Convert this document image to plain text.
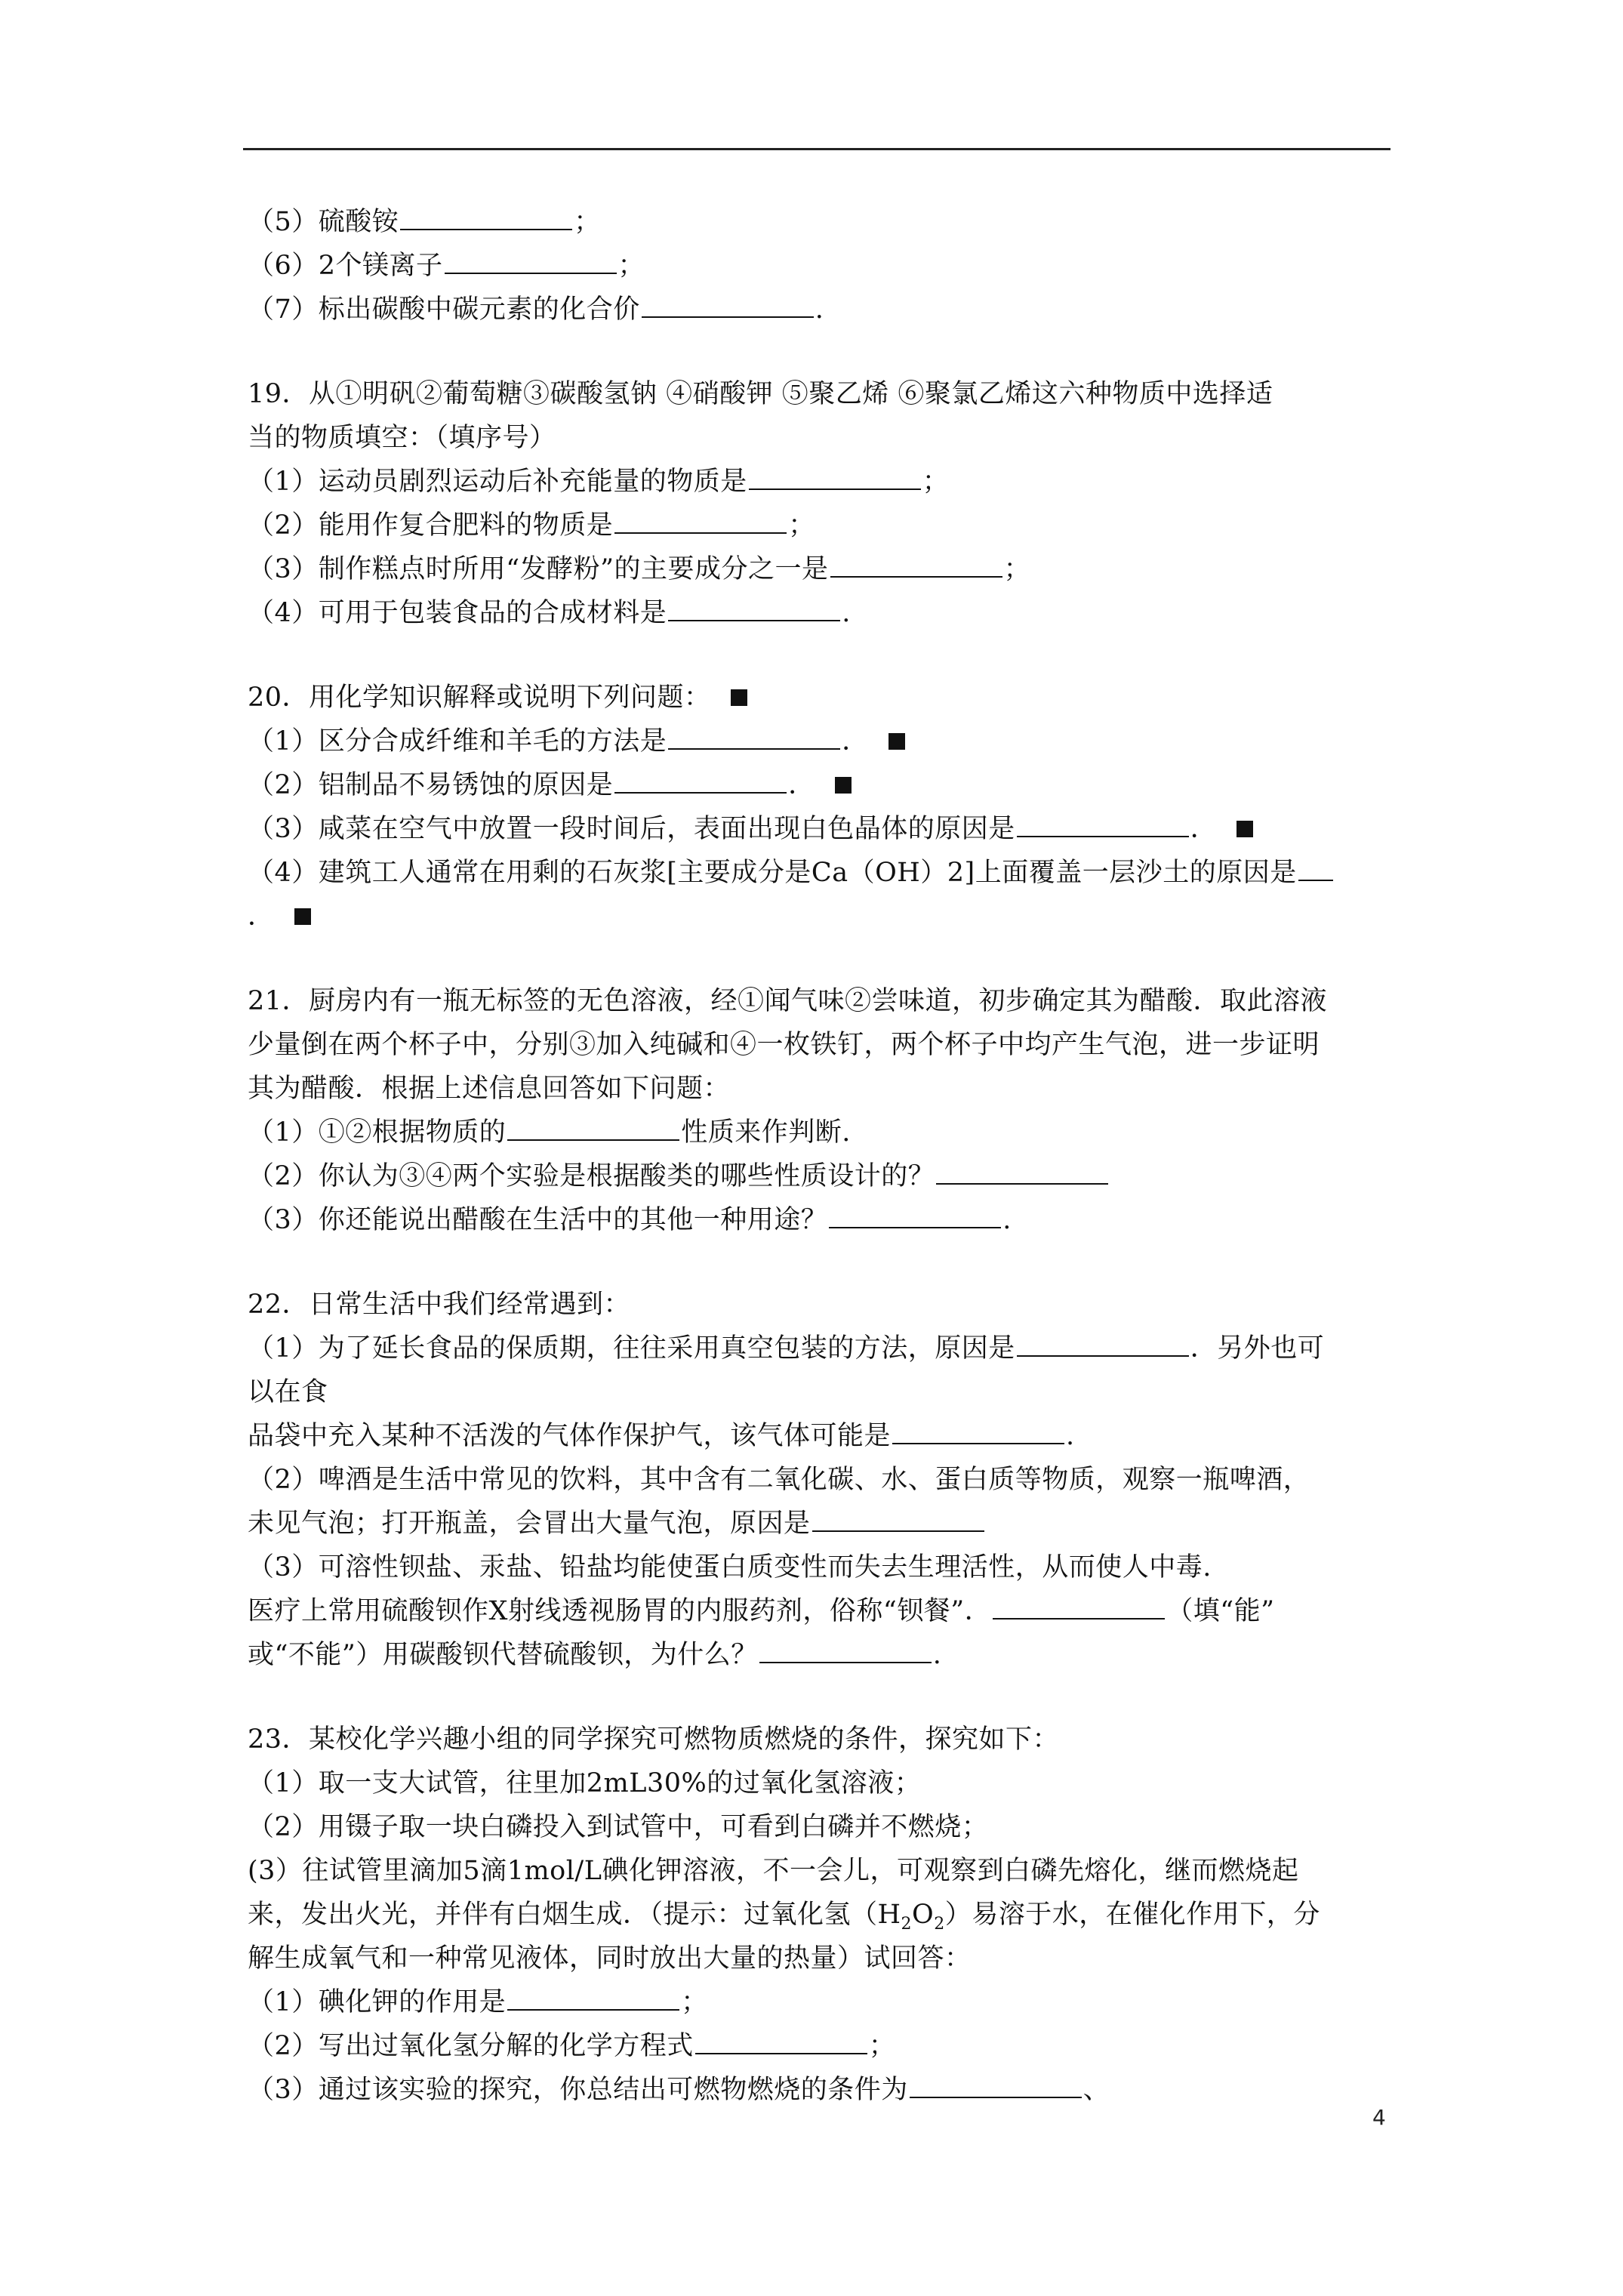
（5）硫酸铵	；
（6）2个镁离子	；
（7）标出碳酸中碳元素的化合价	.
19．从①明矾②葡萄糖③碳酸氢钠 ④硝酸钾 ⑤聚乙烯 ⑥聚氯乙烯这六种物质中选择适
当的物质填空：（填序号）
（1）运动员剧烈运动后补充能量的物质是	；
（2）能用作复合肥料的物质是	；
（3）制作糕点时所用“发酵粉”的主要成分之一是	；
（4）可用于包装食品的合成材料是	.
20．用化学知识解释或说明下列问题：
（1）区分合成纤维和羊毛的方法是	．
（2）铝制品不易锈蚀的原因是	．
（3）咸菜在空气中放置一段时间后，表面出现白色晶体的原因是	．
（4）建筑工人通常在用剩的石灰浆[主要成分是Ca（OH）2]上面覆盖一层沙土的原因是
．
21．厨房内有一瓶无标签的无色溶液，经①闻气味②尝味道，初步确定其为醋酸．取此溶液
少量倒在两个杯子中，分别③加入纯碱和④一枚铁钉，两个杯子中均产生气泡，进一步证明
其为醋酸．根据上述信息回答如下问题：
（1）①②根据物质的	性质来作判断.
（2）你认为③④两个实验是根据酸类的哪些性质设计的？
（3）你还能说出醋酸在生活中的其他一种用途？	.
22．日常生活中我们经常遇到：
（1）为了延长食品的保质期，往往采用真空包装的方法，原因是	．另外也可
以在食
品袋中充入某种不活泼的气体作保护气，该气体可能是	.
（2）啤酒是生活中常见的饮料，其中含有二氧化碳、水、蛋白质等物质，观察一瓶啤酒，
未见气泡；打开瓶盖，会冒出大量气泡，原因是
（3）可溶性钡盐、汞盐、铅盐均能使蛋白质变性而失去生理活性，从而使人中毒.
医疗上常用硫酸钡作X射线透视肠胃的内服药剂，俗称“钡餐”．	（填“能”
或“不能”）用碳酸钡代替硫酸钡，为什么？	.
23．某校化学兴趣小组的同学探究可燃物质燃烧的条件，探究如下：
（1）取一支大试管，往里加2mL30%的过氧化氢溶液；
（2）用镊子取一块白磷投入到试管中，可看到白磷并不燃烧；
(3）往试管里滴加5滴1mol/L碘化钾溶液，不一会儿，可观察到白磷先熔化，继而燃烧起
来，发出火光，并伴有白烟生成．（提示：过氧化氢$(H_2O_2)$易溶于水，在催化作用下，分
解生成氧气和一种常见液体，同时放出大量的热量）试回答：
（1）碘化钾的作用是	；
（2）写出过氧化氢分解的化学方程式	；
（3）通过该实验的探究，你总结出可燃物燃烧的条件为	、
4
